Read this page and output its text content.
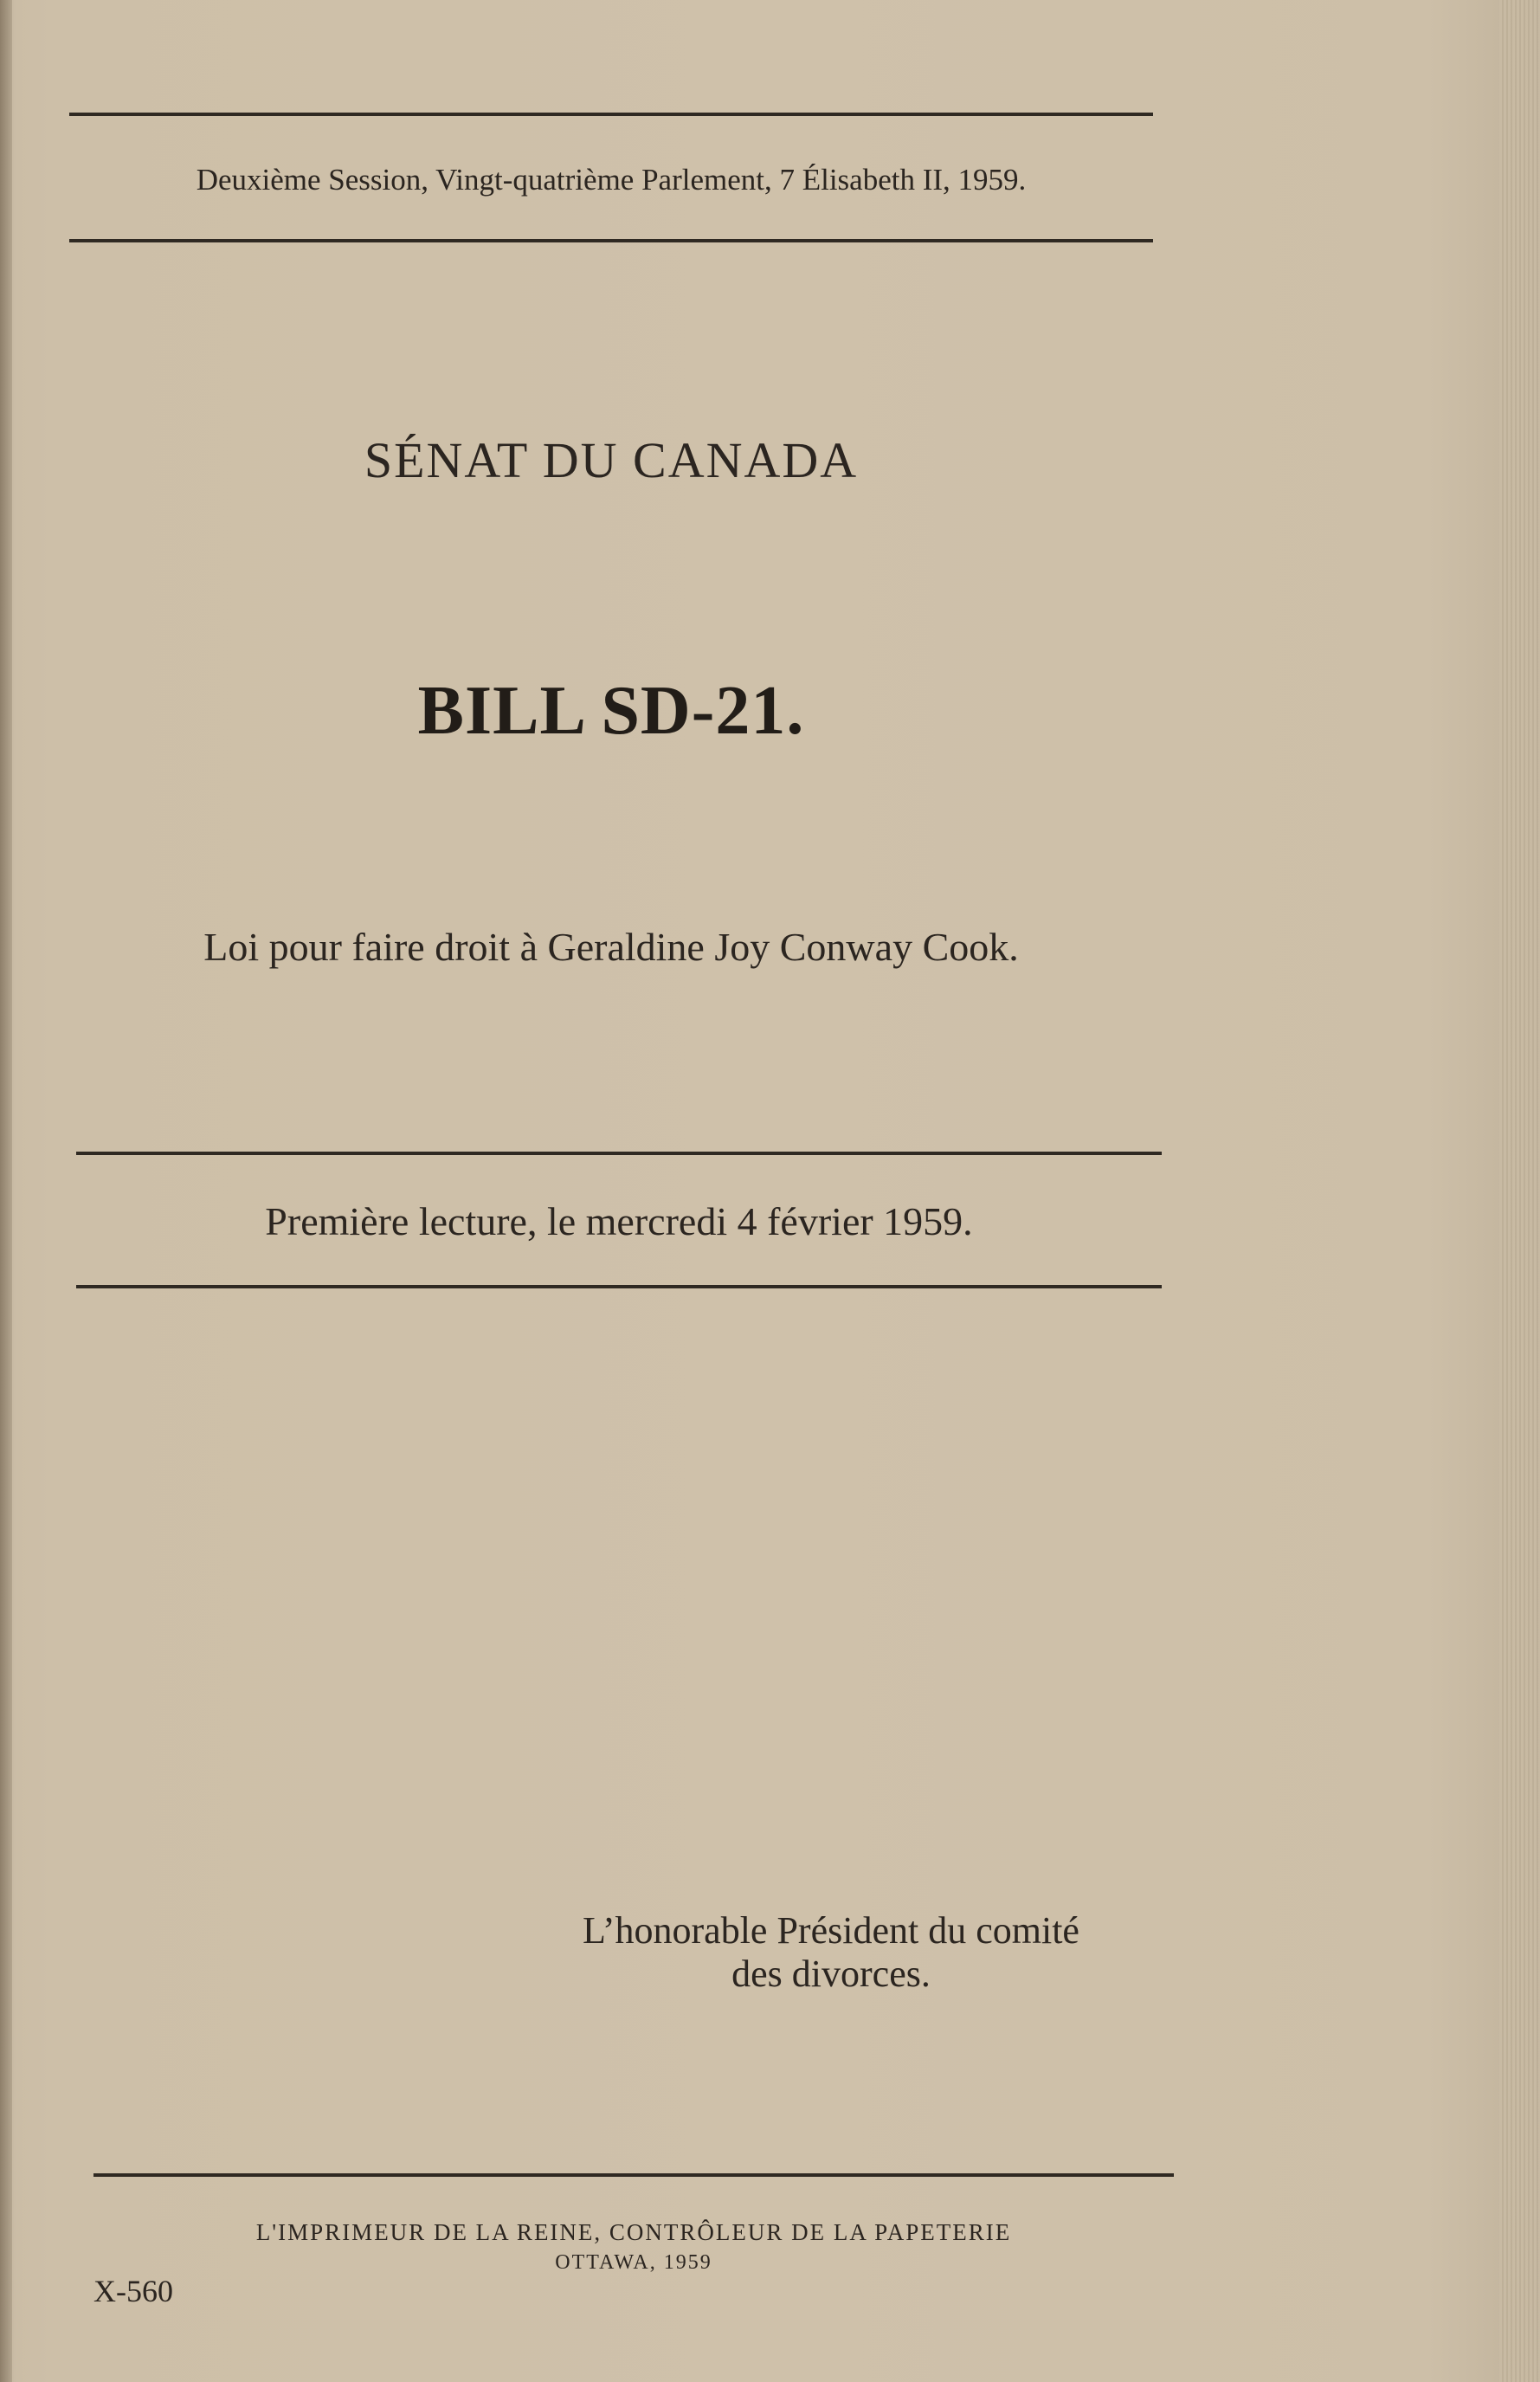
Deuxième Session, Vingt-quatrième Parlement, 7 Élisabeth II, 1959.
SÉNAT DU CANADA
BILL SD-21.
Loi pour faire droit à Geraldine Joy Conway Cook.
Première lecture, le mercredi 4 février 1959.
L’honorable Président du comité
des divorces.
L'IMPRIMEUR DE LA REINE, CONTRÔLEUR DE LA PAPETERIE
OTTAWA, 1959
X-560
